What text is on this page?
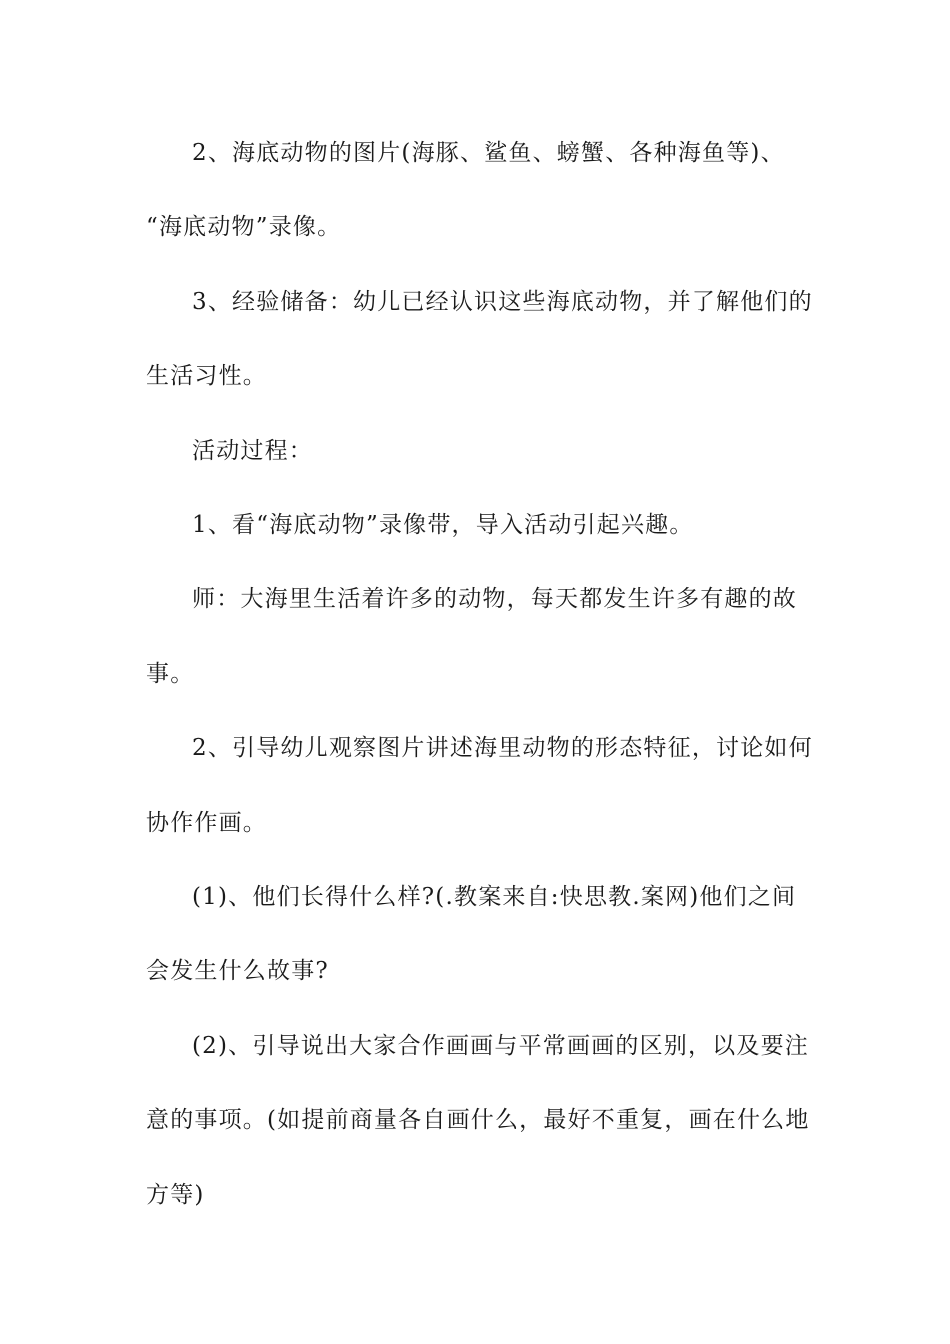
2、海底动物的图片(海豚、鲨鱼、螃蟹、各种海鱼等)、
“海底动物”录像。
3、经验储备：幼儿已经认识这些海底动物，并了解他们的
生活习性。
活动过程：
1、看“海底动物”录像带，导入活动引起兴趣。
师：大海里生活着许多的动物，每天都发生许多有趣的故
事。
2、引导幼儿观察图片讲述海里动物的形态特征，讨论如何
协作作画。
(1)、他们长得什么样?(.教案来自:快思教.案网)他们之间
会发生什么故事?
(2)、引导说出大家合作画画与平常画画的区别，以及要注
意的事项。(如提前商量各自画什么，最好不重复，画在什么地
方等)
